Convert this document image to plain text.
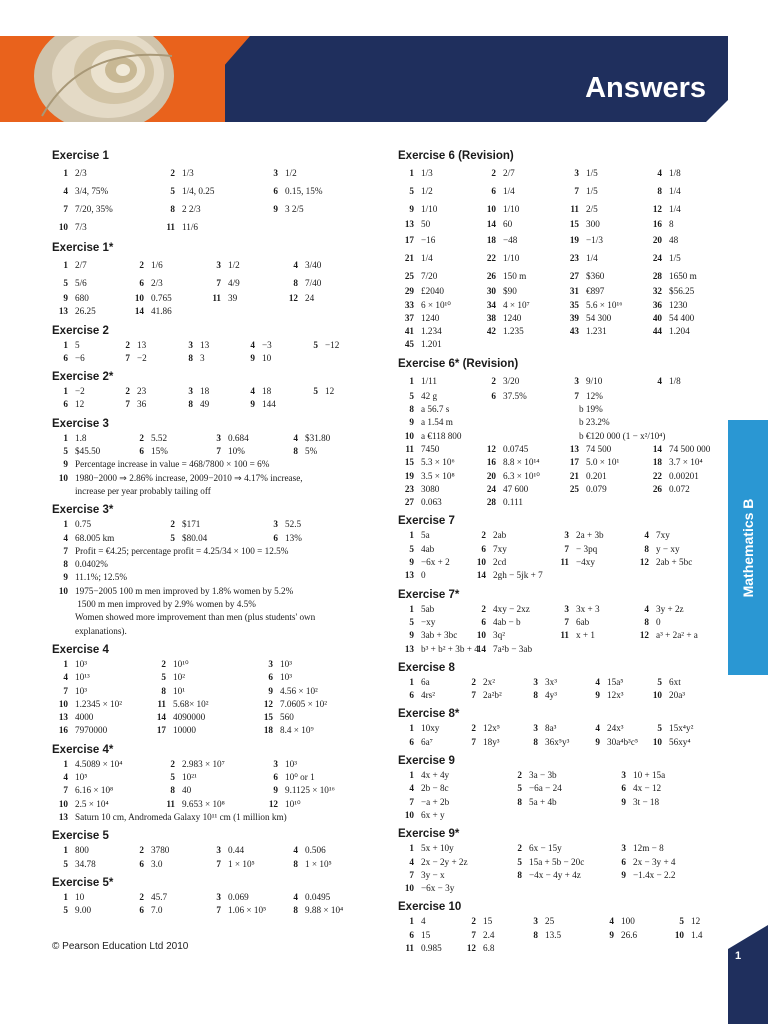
Answers
Mathematics B
Exercise 1
1 2/3	2 1/3	3 1/2
4 3/4, 75%	5 1/4, 0.25	6 0.15, 15%
7 7/20, 35%	8 2 2/3	9 3 2/5
10 7/3	11 11/6
Exercise 1*
1 2/7	2 1/6	3 1/2	4 3/40
5 5/6	6 2/3	7 4/9	8 7/40
9 680	10 0.765	11 39	12 24
13 26.25	14 41.86
Exercise 2
1 5	2 13	3 13	4 −3	5 −12
6 −6	7 −2	8 3	9 10
Exercise 2*
1 −2	2 23	3 18	4 18	5 12
6 12	7 36	8 49	9 144
Exercise 3
1 1.8	2 5.52	3 0.684	4 $31.80
5 $45.50	6 15%	7 10%	8 5%
9 Percentage increase in value = 468/7800 × 100 = 6%
10 1980−2000 ⇒ 2.86% increase, 2009−2010 ⇒ 4.17% increase,
increase per year probably tailing off
Exercise 3*
1 0.75	2 $171	3 52.5
4 68.005 km	5 $80.04	6 13%
7 Profit = €4.25; percentage profit = 4.25/34 × 100 = 12.5%
8 0.0402%
9 11.1%; 12.5%
10 1975−2005 100 m men improved by 1.8% women by 5.2%
1500 m men improved by 2.9% women by 4.5%
Women showed more improvement than men (plus students' own
explanations).
Exercise 4
1 10³	2 10¹⁰	3 10³
4 10¹³	5 10²	6 10³
7 10³	8 10¹	9 4.56 × 10²
10 1.2345 × 10²	11 5.68× 10²	12 7.0605 × 10²
13 4000	14 4090000	15 560
16 7970000	17 10000	18 8.4 × 10⁹
Exercise 4*
1 4.5089 × 10⁴	2 2.983 × 10⁷	3 10³
4 10⁵	5 10²¹	6 10⁰ or 1
7 6.16 × 10⁸	8 40	9 9.1125 × 10¹⁶
10 2.5 × 10⁴	11 9.653 × 10⁸	12 10¹⁰
13 Saturn 10 cm, Andromeda Galaxy 10¹¹ cm (1 million km)
Exercise 5
1 800	2 3780	3 0.44	4 0.506
5 34.78	6 3.0	7 1 × 10⁵	8 1 × 10⁵
Exercise 5*
1 10	2 45.7	3 0.069	4 0.0495
5 9.00	6 7.0	7 1.06 × 10⁵	8 9.88 × 10⁴
Exercise 6 (Revision)
1 1/3	2 2/7	3 1/5	4 1/8
5 1/2	6 1/4	7 1/5	8 1/4
9 1/10	10 1/10	11 2/5	12 1/4
13 50	14 60	15 300	16 8
17 −16	18 −48	19 −1/3	20 48
21 1/4	22 1/10	23 1/4	24 1/5
25 7/20	26 150 m	27 $360	28 1650 m
29 £2040	30 $90	31 €897	32 $56.25
33 6 × 10¹⁰	34 4 × 10⁷	35 5.6 × 10¹⁶	36 1230
37 1240	38 1240	39 54 300	40 54 400
41 1.234	42 1.235	43 1.231	44 1.204
45 1.201
Exercise 6* (Revision)
1 1/11	2 3/20	3 9/10	4 1/8
5 42 g	6 37.5%	7 12%
8 a 56.7 s	b 19%
9 a 1.54 m	b 23.2%
10 a €118 800	b €120 000 (1 − x²/10⁴)
11 7450	12 0.0745	13 74 500	14 74 500 000
15 5.3 × 10⁶	16 8.8 × 10¹⁴	17 5.0 × 10¹	18 3.7 × 10⁴
19 3.5 × 10⁸	20 6.3 × 10¹⁰	21 0.201	22 0.00201
23 3080	24 47 600	25 0.079	26 0.072
27 0.063	28 0.111
Exercise 7
1 5a	2 2ab	3 2a + 3b	4 7xy
5 4ab	6 7xy	7 − 3pq	8 y − xy
9 −6x + 2	10 2cd	11 −4xy	12 2ab + 5bc
13 0	14 2gh − 5jk + 7
Exercise 7*
1 5ab	2 4xy − 2xz	3 3x + 3	4 3y + 2z
5 −xy	6 4ab − b	7 6ab	8 0
9 3ab + 3bc	10 3q²	11 x + 1	12 a³ + 2a² + a
13 b³ + b² + 3b + 4
14 7a²b − 3ab
Exercise 8
1 6a	2 2x²	3 3x³	4 15a⁵	5 6xt
6 4rs²	7 2a²b²	8 4y³	9 12x³	10 20a³
Exercise 8*
1 10xy	2 12x⁵	3 8a³	4 24x³	5 15x⁴y²
6 6a⁷	7 18y³	8 36x⁵y³	9 30a⁴b³c⁵	10 56xy⁴
Exercise 9
1 4x + 4y	2 3a − 3b	3 10 + 15a
4 2b − 8c	5 −6a − 24	6 4x − 12
7 −a + 2b	8 5a + 4b	9 3t − 18
10 6x + y
Exercise 9*
1 5x + 10y	2 6x − 15y	3 12m − 8
4 2x − 2y + 2z	5 15a + 5b − 20c	6 2x − 3y + 4
7 3y − x	8 −4x − 4y + 4z	9 −1.4x − 2.2
10 −6x − 3y
Exercise 10
1 4	2 15	3 25	4 100	5 12
6 15	7 2.4	8 13.5	9 26.6	10 1.4
11 0.985	12 6.8
© Pearson Education Ltd 2010
1
